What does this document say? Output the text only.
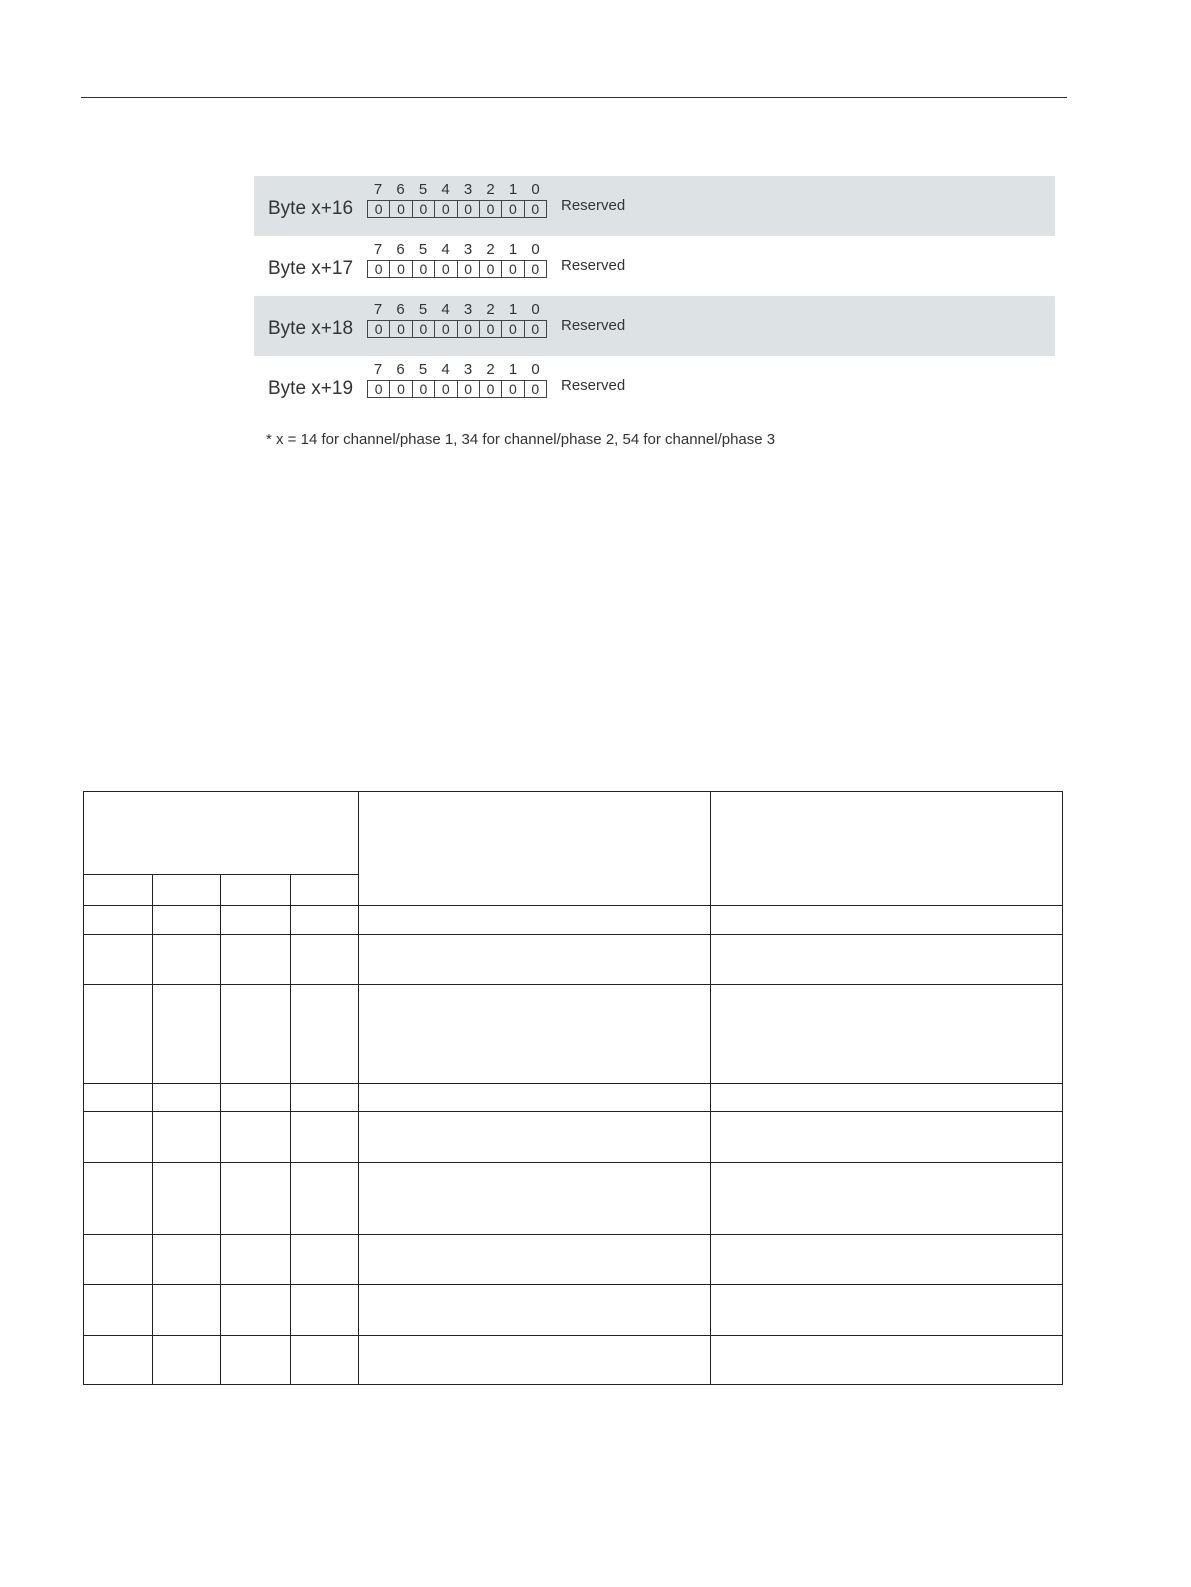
Byte x+16
7 6 5 4 3 2 1 0
0	0	0	0	0	0	0	0	Reserved
Byte x+17
7 6 5 4 3 2 1 0
0	0	0	0	0	0	0	0	Reserved
Byte x+18
7 6 5 4 3 2 1 0
0	0	0	0	0	0	0	0	Reserved
Byte x+19
7 6 5 4 3 2 1 0
0	0	0	0	0	0	0	0	Reserved
* x = 14 for channel/phase 1, 34 for channel/phase 2, 54 for channel/phase 3
